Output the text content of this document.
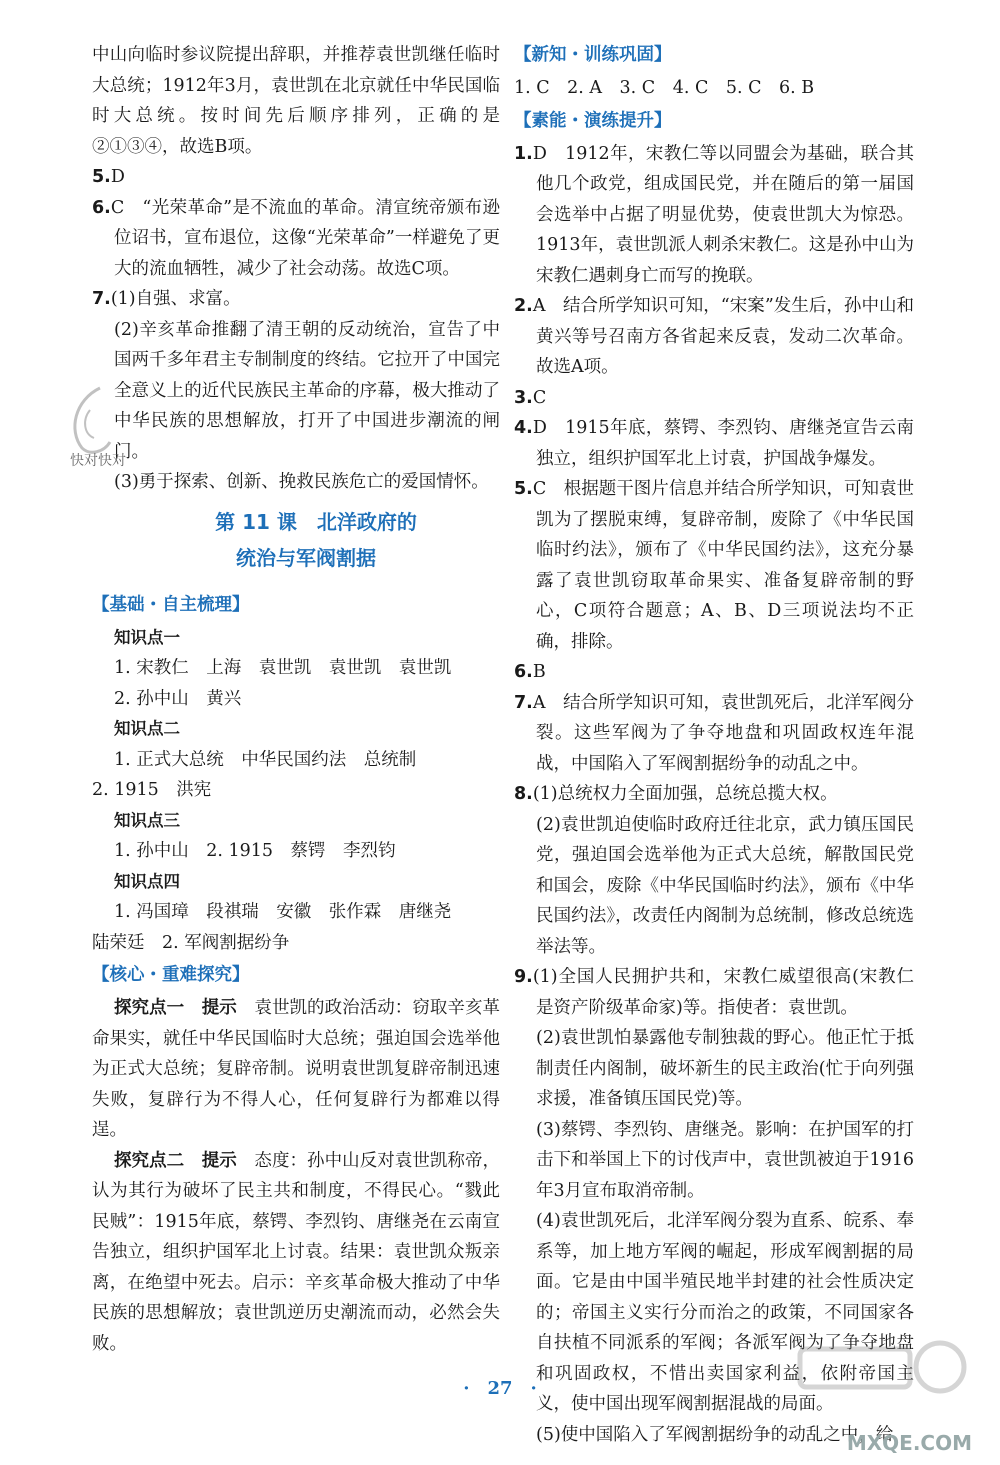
中山向临时参议院提出辞职，并推荐袁世凯继任临时大总统；1912年3月，袁世凯在北京就任中华民国临时大总统。按时间先后顺序排列，正确的是②①③④，故选B项。

5.D

6.C　“光荣革命”是不流血的革命。清宣统帝颁布逊位诏书，宣布退位，这像“光荣革命”一样避免了更大的流血牺牲，减少了社会动荡。故选C项。

7.(1)自强、求富。

(2)辛亥革命推翻了清王朝的反动统治，宣告了中国两千多年君主专制制度的终结。它拉开了中国完全意义上的近代民族民主革命的序幕，极大推动了中华民族的思想解放，打开了中国进步潮流的闸门。

(3)勇于探索、创新、挽救民族危亡的爱国情怀。

第 11 课　北洋政府的
统治与军阀割据
【基础・自主梳理】
知识点一

1. 宋教仁　上海　袁世凯　袁世凯　袁世凯

2. 孙中山　黄兴

知识点二

1. 正式大总统　中华民国约法　总统制

2. 1915　洪宪

知识点三

1. 孙中山　2. 1915　蔡锷　李烈钧

知识点四

1. 冯国璋　段祺瑞　安徽　张作霖　唐继尧

陆荣廷　2. 军阀割据纷争

【核心・重难探究】

探究点一　提示　 袁世凯的政治活动：窃取辛亥革命果实，就任中华民国临时大总统；强迫国会选举他为正式大总统；复辟帝制。说明袁世凯复辟帝制迅速失败，复辟行为不得人心，任何复辟行为都难以得逞。

探究点二　提示　 态度：孙中山反对袁世凯称帝，认为其行为破坏了民主共和制度，不得民心。“戮此民贼”：1915年底，蔡锷、李烈钧、唐继尧在云南宣告独立，组织护国军北上讨袁。结果：袁世凯众叛亲离，在绝望中死去。启示：辛亥革命极大推动了中华民族的思想解放；袁世凯逆历史潮流而动，必然会失败。

【新知・训练巩固】

1. C　2. A　3. C　4. C　5. C　6. B

【素能・演练提升】

1.D　1912年，宋教仁等以同盟会为基础，联合其他几个政党，组成国民党，并在随后的第一届国会选举中占据了明显优势，使袁世凯大为惊恐。1913年，袁世凯派人刺杀宋教仁。这是孙中山为宋教仁遇刺身亡而写的挽联。

2.A　结合所学知识可知，“宋案”发生后，孙中山和黄兴等号召南方各省起来反袁，发动二次革命。故选A项。

3.C

4.D　1915年底，蔡锷、李烈钧、唐继尧宣告云南独立，组织护国军北上讨袁，护国战争爆发。

5.C　根据题干图片信息并结合所学知识，可知袁世凯为了摆脱束缚，复辟帝制，废除了《中华民国临时约法》，颁布了《中华民国约法》，这充分暴露了袁世凯窃取革命果实、准备复辟帝制的野心，C项符合题意；A、B、D三项说法均不正确，排除。

6.B

7.A　结合所学知识可知，袁世凯死后，北洋军阀分裂。这些军阀为了争夺地盘和巩固政权连年混战，中国陷入了军阀割据纷争的动乱之中。

8.(1)总统权力全面加强，总统总揽大权。

(2)袁世凯迫使临时政府迁往北京，武力镇压国民党，强迫国会选举他为正式大总统，解散国民党和国会，废除《中华民国临时约法》，颁布《中华民国约法》，改责任内阁制为总统制，修改总统选举法等。

9.(1)全国人民拥护共和，宋教仁威望很高(宋教仁是资产阶级革命家)等。指使者：袁世凯。

(2)袁世凯怕暴露他专制独裁的野心。他正忙于抵制责任内阁制，破坏新生的民主政治(忙于向列强求援，准备镇压国民党)等。

(3)蔡锷、李烈钧、唐继尧。影响：在护国军的打击下和举国上下的讨伐声中，袁世凯被迫于1916年3月宣布取消帝制。

(4)袁世凯死后，北洋军阀分裂为直系、皖系、奉系等，加上地方军阀的崛起，形成军阀割据的局面。它是由中国半殖民地半封建的社会性质决定的；帝国主义实行分而治之的政策，不同国家各自扶植不同派系的军阀；各派军阀为了争夺地盘和巩固政权，不惜出卖国家利益，依附帝国主义，使中国出现军阀割据混战的局面。

(5)使中国陷入了军阀割据纷争的动乱之中，给

快对快对
·　27　·
MXQE.COM
